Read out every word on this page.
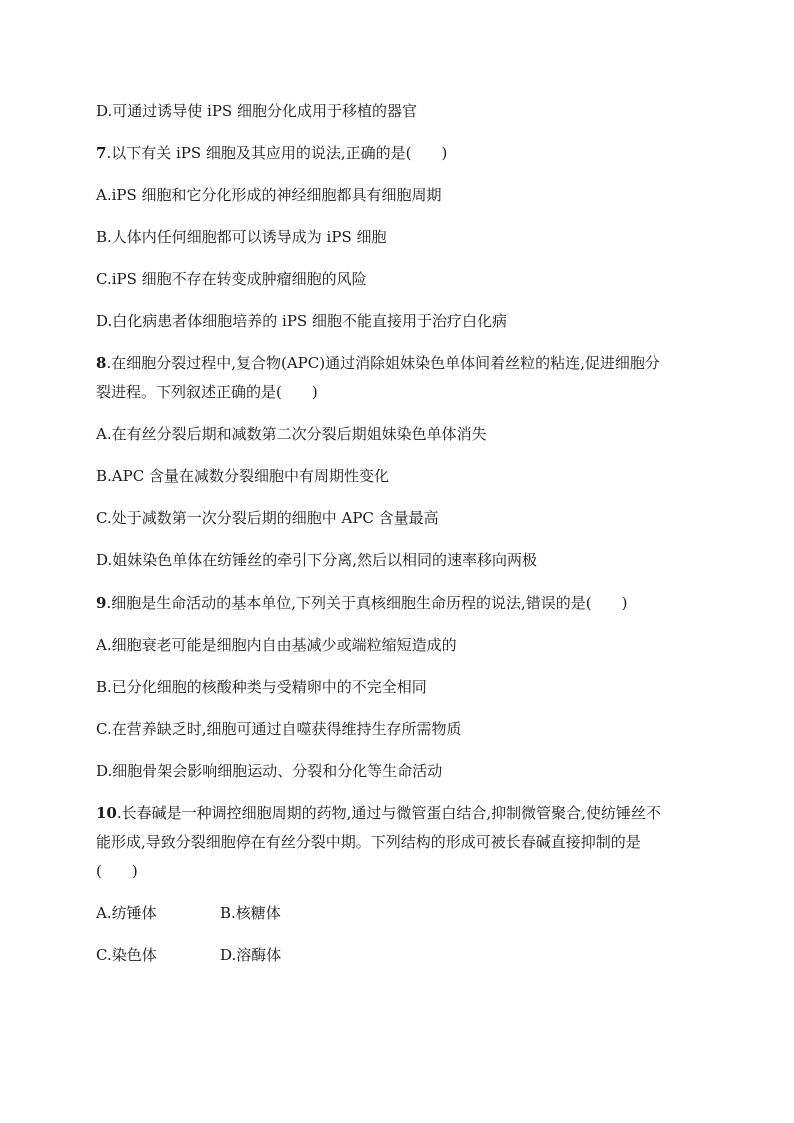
D.可通过诱导使 iPS 细胞分化成用于移植的器官
7.以下有关 iPS 细胞及其应用的说法,正确的是(　　)
A.iPS 细胞和它分化形成的神经细胞都具有细胞周期
B.人体内任何细胞都可以诱导成为 iPS 细胞
C.iPS 细胞不存在转变成肿瘤细胞的风险
D.白化病患者体细胞培养的 iPS 细胞不能直接用于治疗白化病
8.在细胞分裂过程中,复合物(APC)通过消除姐妹染色单体间着丝粒的粘连,促进细胞分
裂进程。下列叙述正确的是(　　)
A.在有丝分裂后期和减数第二次分裂后期姐妹染色单体消失
B.APC 含量在减数分裂细胞中有周期性变化
C.处于减数第一次分裂后期的细胞中 APC 含量最高
D.姐妹染色单体在纺锤丝的牵引下分离,然后以相同的速率移向两极
9.细胞是生命活动的基本单位,下列关于真核细胞生命历程的说法,错误的是(　　)
A.细胞衰老可能是细胞内自由基减少或端粒缩短造成的
B.已分化细胞的核酸种类与受精卵中的不完全相同
C.在营养缺乏时,细胞可通过自噬获得维持生存所需物质
D.细胞骨架会影响细胞运动、分裂和分化等生命活动
10.长春碱是一种调控细胞周期的药物,通过与微管蛋白结合,抑制微管聚合,使纺锤丝不
能形成,导致分裂细胞停在有丝分裂中期。下列结构的形成可被长春碱直接抑制的是
(　　)
A.纺锤体	B.核糖体
C.染色体	D.溶酶体
